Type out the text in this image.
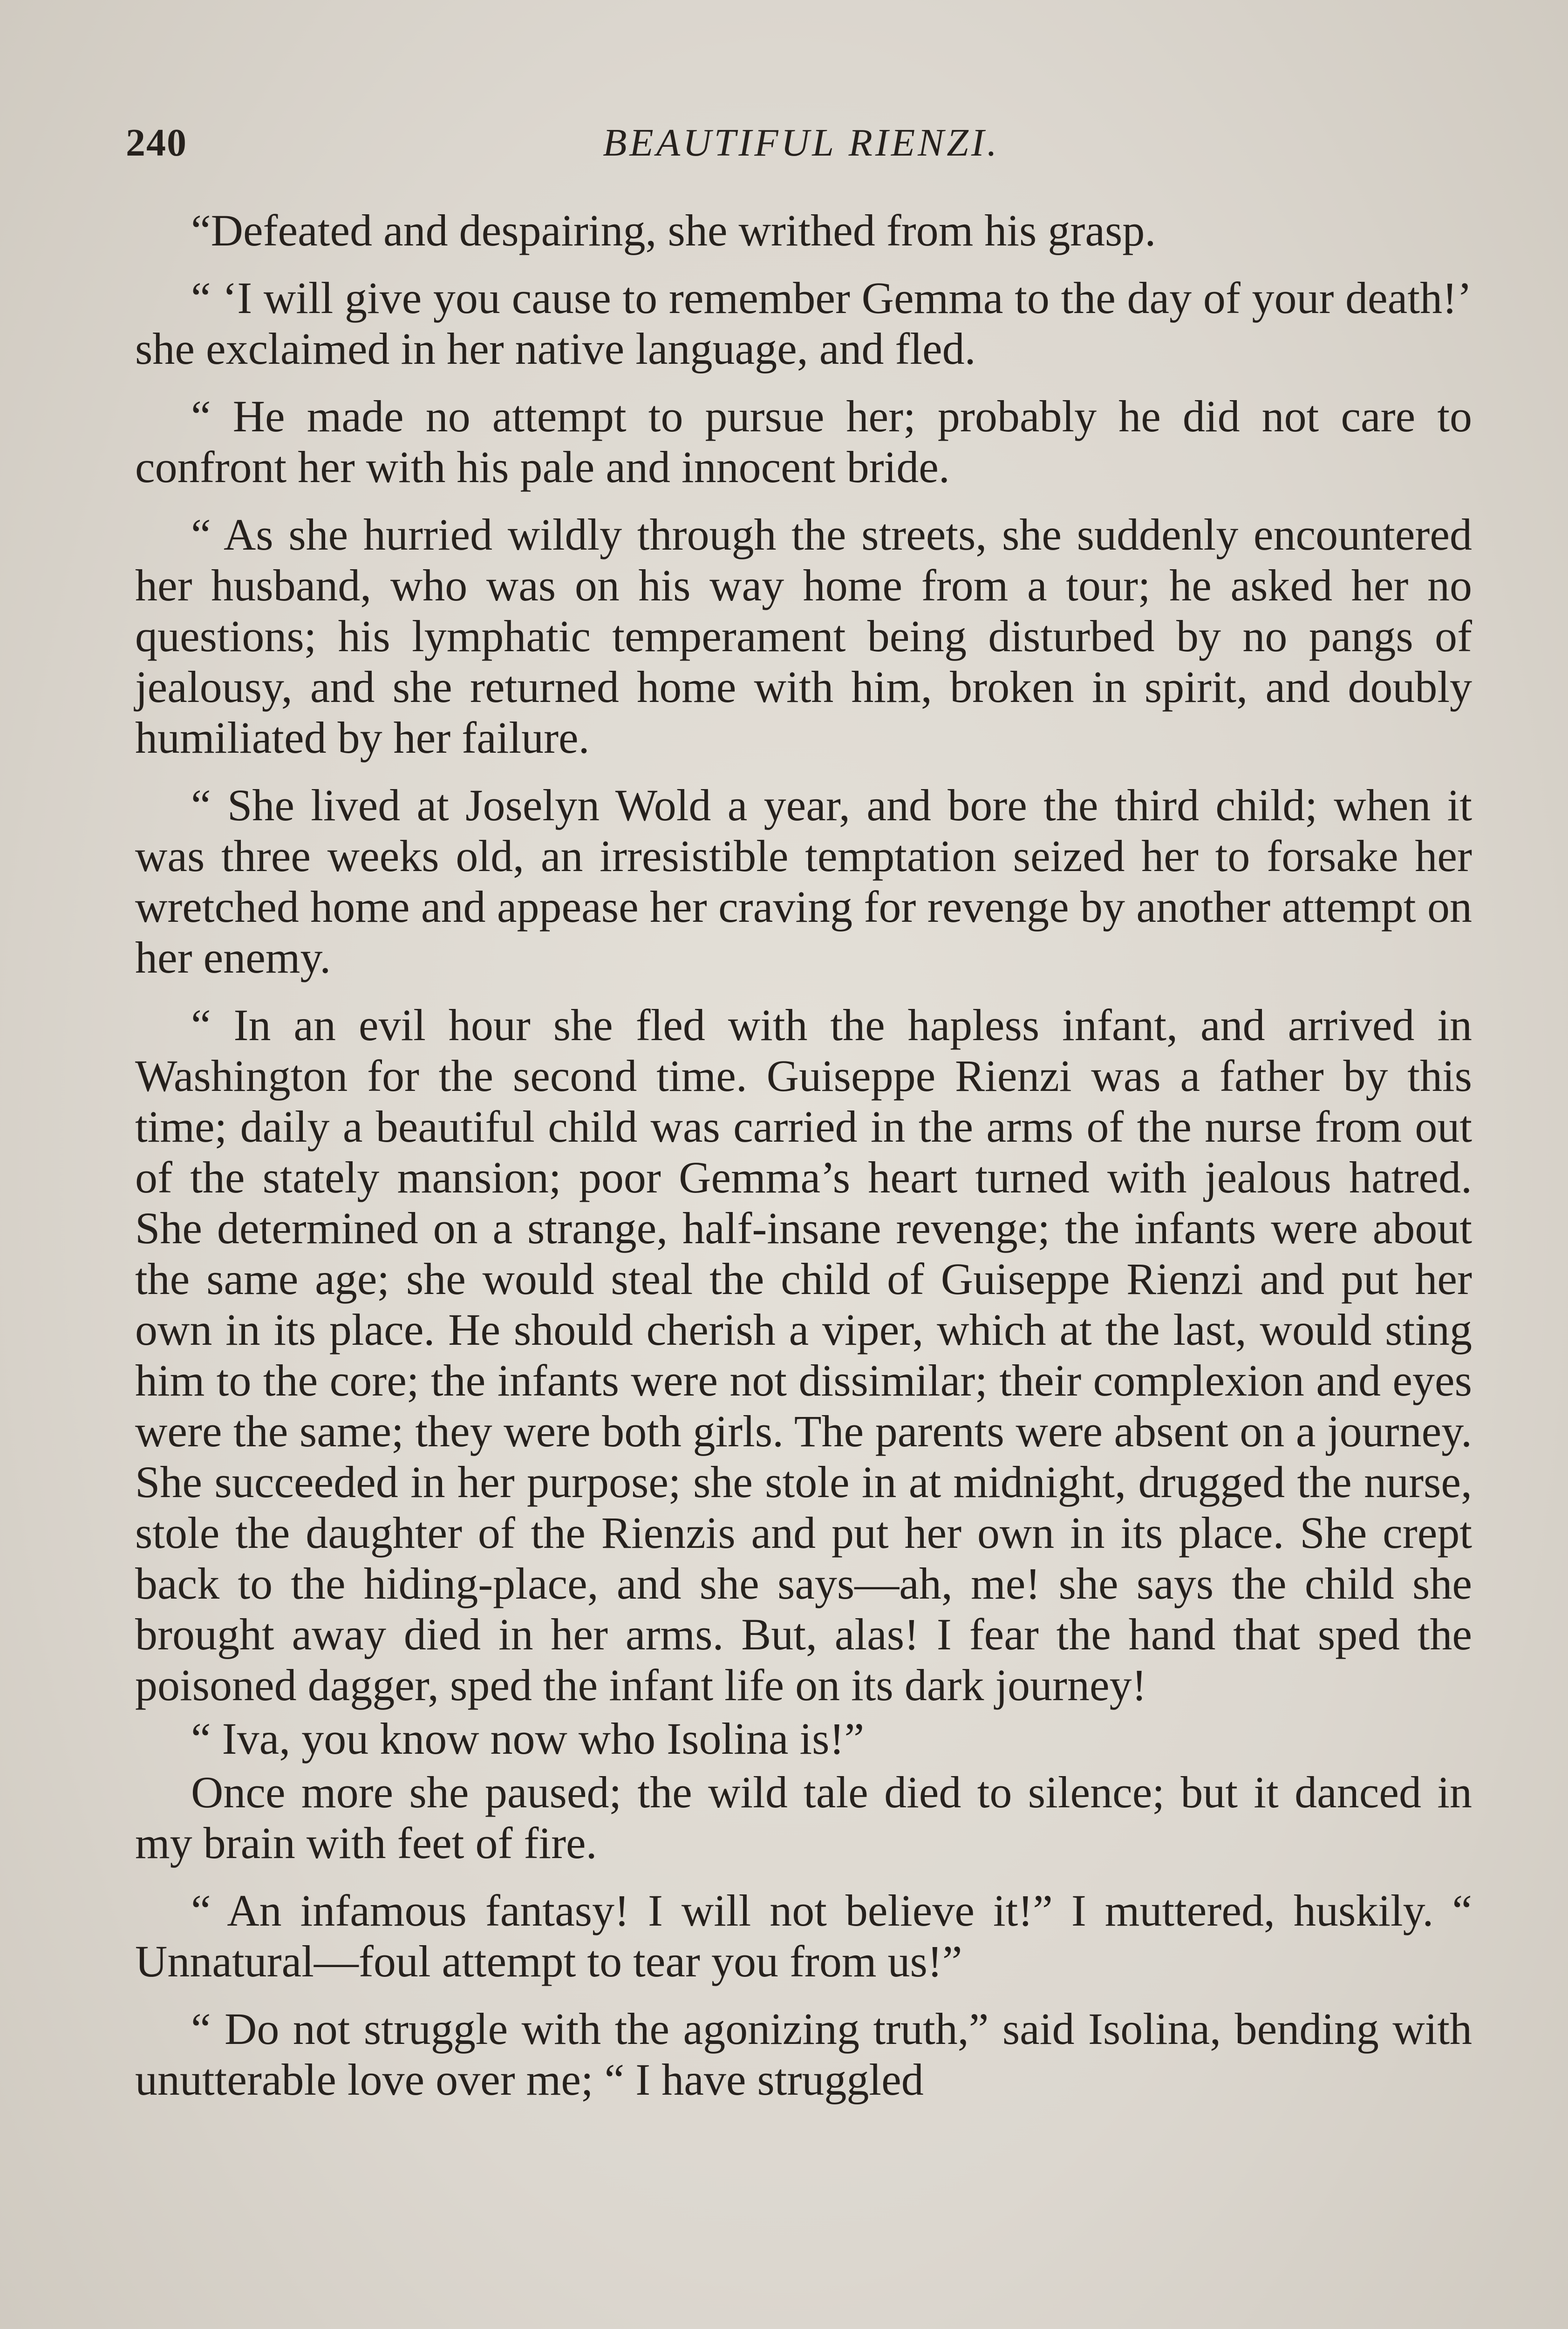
240	BEAUTIFUL RIENZI.

“Defeated and despairing, she writhed from his grasp.

“ ‘I will give you cause to remember Gemma to the day of your death!’ she exclaimed in her native language, and fled.

“ He made no attempt to pursue her; probably he did not care to confront her with his pale and innocent bride.

“ As she hurried wildly through the streets, she suddenly encountered her husband, who was on his way home from a tour; he asked her no questions; his lymphatic temperament being disturbed by no pangs of jealousy, and she returned home with him, broken in spirit, and doubly humiliated by her failure.

“ She lived at Joselyn Wold a year, and bore the third child; when it was three weeks old, an irresistible temptation seized her to forsake her wretched home and appease her craving for revenge by another attempt on her enemy.

“ In an evil hour she fled with the hapless infant, and arrived in Washington for the second time. Guiseppe Rienzi was a father by this time; daily a beautiful child was carried in the arms of the nurse from out of the stately mansion; poor Gemma’s heart turned with jealous hatred. She determined on a strange, half-insane revenge; the infants were about the same age; she would steal the child of Guiseppe Rienzi and put her own in its place. He should cherish a viper, which at the last, would sting him to the core; the infants were not dissimilar; their complexion and eyes were the same; they were both girls. The parents were absent on a journey. She succeeded in her purpose; she stole in at midnight, drugged the nurse, stole the daughter of the Rienzis and put her own in its place. She crept back to the hiding-place, and she says—ah, me! she says the child she brought away died in her arms. But, alas! I fear the hand that sped the poisoned dagger, sped the infant life on its dark journey!

“ Iva, you know now who Isolina is!”

Once more she paused; the wild tale died to silence; but it danced in my brain with feet of fire.

“ An infamous fantasy! I will not believe it!” I muttered, huskily. “ Unnatural—foul attempt to tear you from us!”

“ Do not struggle with the agonizing truth,” said Isolina, bending with unutterable love over me; “ I have struggled
